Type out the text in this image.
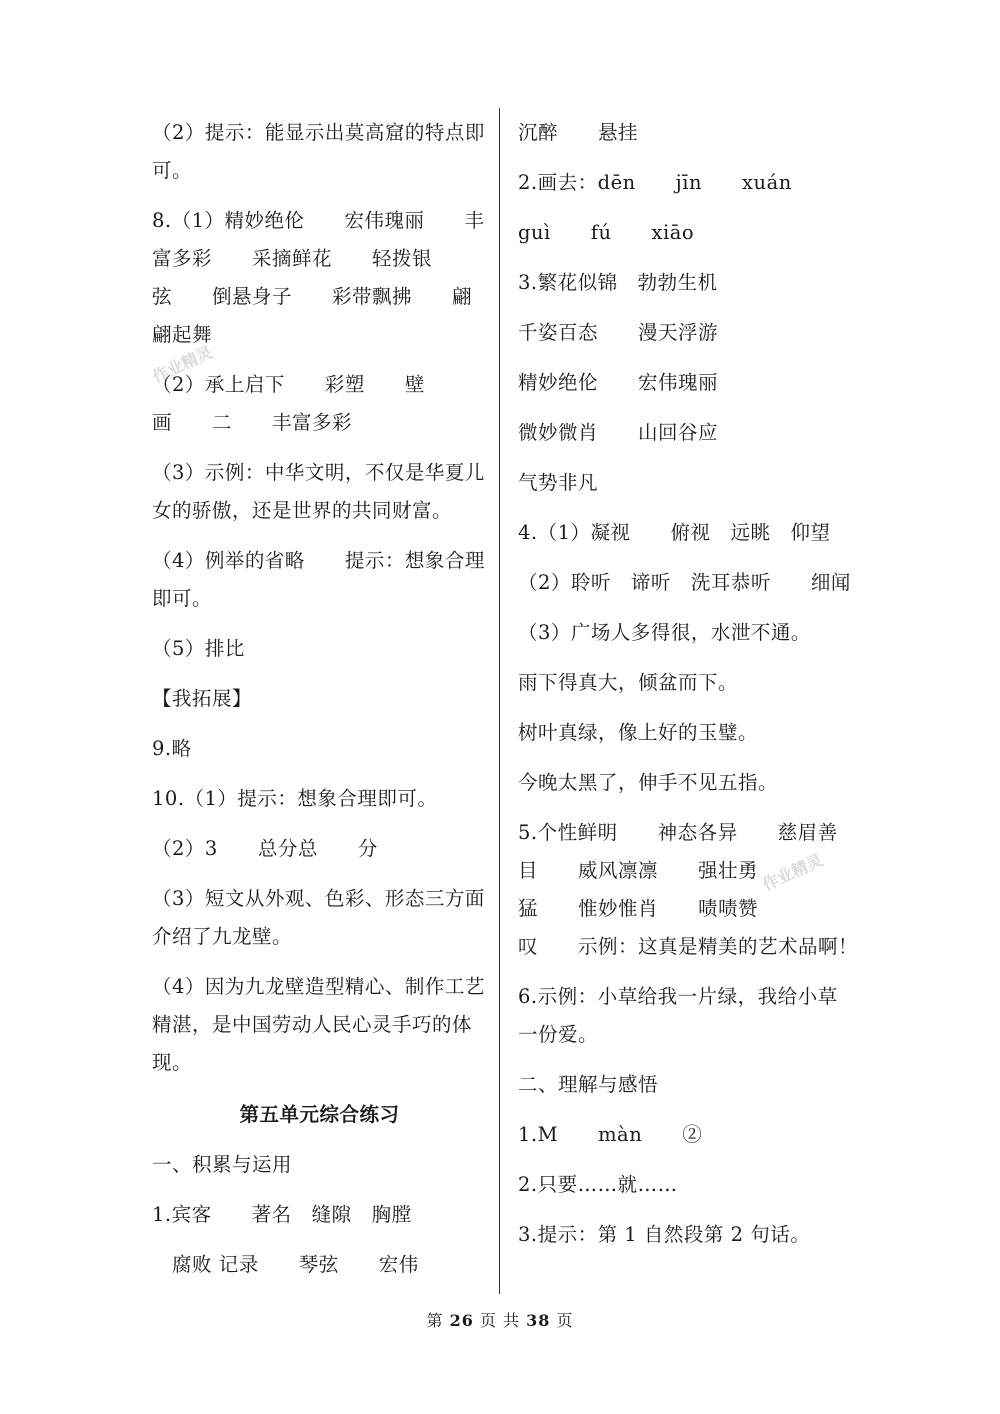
（2）提示：能显示出莫高窟的特点即
可。
8.（1）精妙绝伦　　宏伟瑰丽　　丰
富多彩　　采摘鲜花　　轻拨银
弦　　倒悬身子　　彩带飘拂　　翩
翩起舞
（2）承上启下　　彩塑　　壁
画　　二　　丰富多彩
（3）示例：中华文明，不仅是华夏儿
女的骄傲，还是世界的共同财富。
（4）例举的省略　　提示：想象合理
即可。
（5）排比
【我拓展】
9.略
10.（1）提示：想象合理即可。
（2）3　　总分总　　分
（3）短文从外观、色彩、形态三方面
介绍了九龙壁。
（4）因为九龙壁造型精心、制作工艺
精湛，是中国劳动人民心灵手巧的体
现。
第五单元综合练习
一、积累与运用
1.宾客　　著名　缝隙　胸膛
　腐败 记录　　琴弦　　宏伟
沉醉　　悬挂
2.画去：dēn　　jīn　　xuán
guì　　fú　　xiāo
3.繁花似锦　勃勃生机
千姿百态　　漫天浮游
精妙绝伦　　宏伟瑰丽
微妙微肖　　山回谷应
气势非凡
4.（1）凝视　　俯视　远眺　仰望
（2）聆听　谛听　洗耳恭听　　细闻
（3）广场人多得很，水泄不通。
雨下得真大，倾盆而下。
树叶真绿，像上好的玉璧。
今晚太黑了，伸手不见五指。
5.个性鲜明　　神态各异　　慈眉善
目　　威风凛凛　　强壮勇
猛　　惟妙惟肖　　啧啧赞
叹　　示例：这真是精美的艺术品啊！
6.示例：小草给我一片绿，我给小草
一份爱。
二、理解与感悟
1.M　　màn　　②
2.只要……就……
3.提示：第 1 自然段第 2 句话。
作业精灵
作业精灵
第 26 页 共 38 页
